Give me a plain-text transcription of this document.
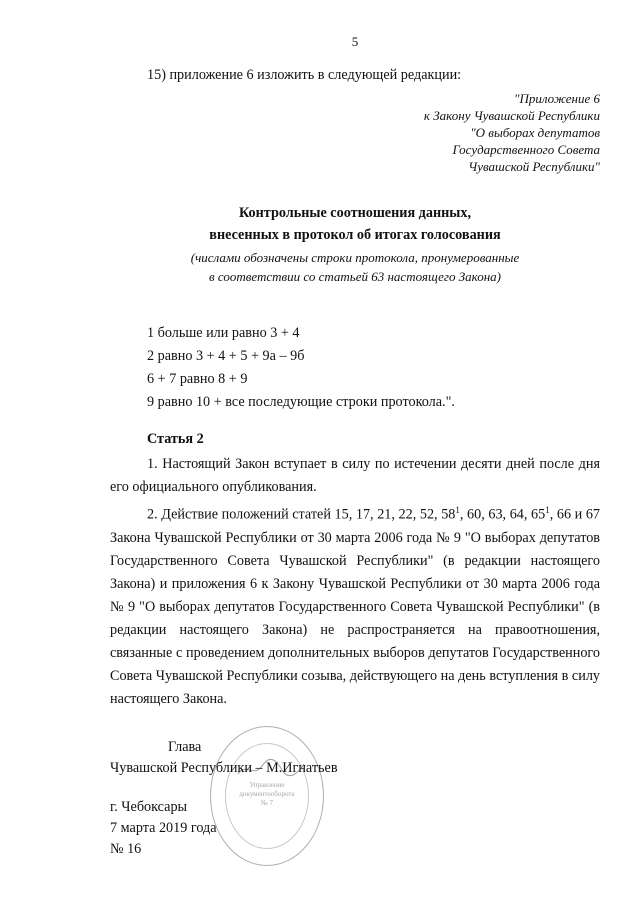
5
15) приложение 6 изложить в следующей редакции:
"Приложение 6
к Закону Чувашской Республики
"О выборах депутатов
Государственного Совета
Чувашской Республики"
Контрольные соотношения данных,
внесенных в протокол об итогах голосования
(числами обозначены строки протокола, пронумерованные
в соответствии со статьей 63 настоящего Закона)
1 больше или равно 3 + 4
2 равно 3 + 4 + 5 + 9а – 9б
6 + 7 равно 8 + 9
9 равно 10 + все последующие строки протокола.".
Статья 2

1. Настоящий Закон вступает в силу по истечении десяти дней после дня его официального опубликования.

2. Действие положений статей 15, 17, 21, 22, 52, $58^1$, 60, 63, 64, $65^1$, 66 и 67 Закона Чувашской Республики от 30 марта 2006 года № 9 "О выборах депутатов Государственного Совета Чувашской Республики" (в редакции настоящего Закона) и приложения 6 к Закону Чувашской Республики от 30 марта 2006 года № 9 "О выборах депутатов Государственного Совета Чувашской Республики" (в редакции настоящего Закона) не распространяется на правоотношения, связанные с проведением дополнительных выборов депутатов Государственного Совета Чувашской Республики созыва, действующего на день вступления в силу настоящего Закона.

Управление
документооборота
№ 7
Глава
Чувашской Республики – М.Игнатьев
г. Чебоксары
7 марта 2019 года
№ 16
